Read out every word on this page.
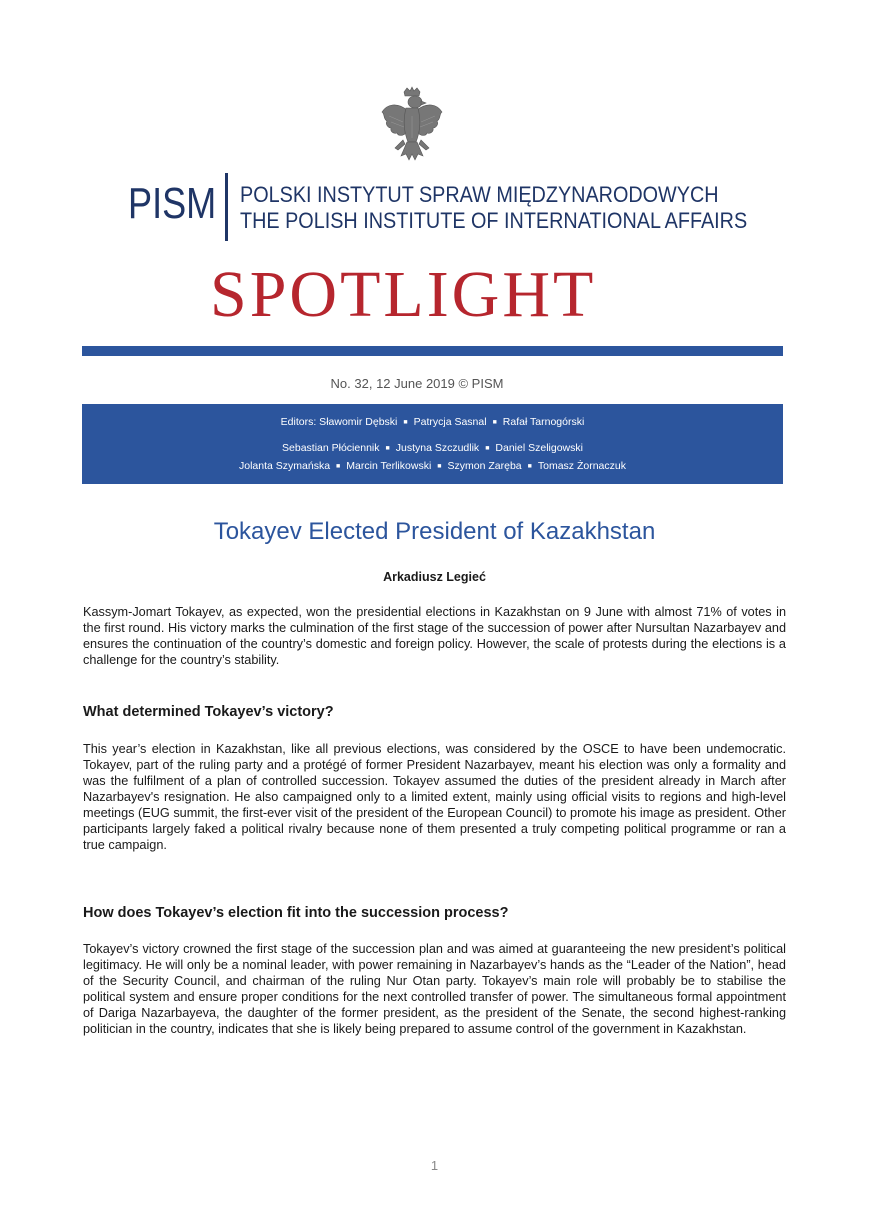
PISM POLSKI INSTYTUT SPRAW MIĘDZYNARODOWYCH
THE POLISH INSTITUTE OF INTERNATIONAL AFFAIRS
SPOTLIGHT
No. 32, 12 June 2019 © PISM
Editors: Sławomir Dębski ■ Patrycja Sasnal ■ Rafał Tarnogórski
Sebastian Płóciennik ■ Justyna Szczudlik ■ Daniel Szeligowski
Jolanta Szymańska ■ Marcin Terlikowski ■ Szymon Zaręba ■ Tomasz Żornaczuk
Tokayev Elected President of Kazakhstan
Arkadiusz Legieć

Kassym-Jomart Tokayev, as expected, won the presidential elections in Kazakhstan on 9 June with almost 71% of votes in the first round. His victory marks the culmination of the first stage of the succession of power after Nursultan Nazarbayev and ensures the continuation of the country’s domestic and foreign policy. However, the scale of protests during the elections is a challenge for the country’s stability.

What determined Tokayev’s victory?

This year’s election in Kazakhstan, like all previous elections, was considered by the OSCE to have been undemocratic. Tokayev, part of the ruling party and a protégé of former President Nazarbayev, meant his election was only a formality and was the fulfilment of a plan of controlled succession. Tokayev assumed the duties of the president already in March after Nazarbayev's resignation. He also campaigned only to a limited extent, mainly using official visits to regions and high-level meetings (EUG summit, the first-ever visit of the president of the European Council) to promote his image as president. Other participants largely faked a political rivalry because none of them presented a truly competing political programme or ran a true campaign.

How does Tokayev’s election fit into the succession process?

Tokayev’s victory crowned the first stage of the succession plan and was aimed at guaranteeing the new president’s political legitimacy. He will only be a nominal leader, with power remaining in Nazarbayev’s hands as the “Leader of the Nation”, head of the Security Council, and chairman of the ruling Nur Otan party. Tokayev’s main role will probably be to stabilise the political system and ensure proper conditions for the next controlled transfer of power. The simultaneous formal appointment of Dariga Nazarbayeva, the daughter of the former president, as the president of the Senate, the second highest-ranking politician in the country, indicates that she is likely being prepared to assume control of the government in Kazakhstan.

1
